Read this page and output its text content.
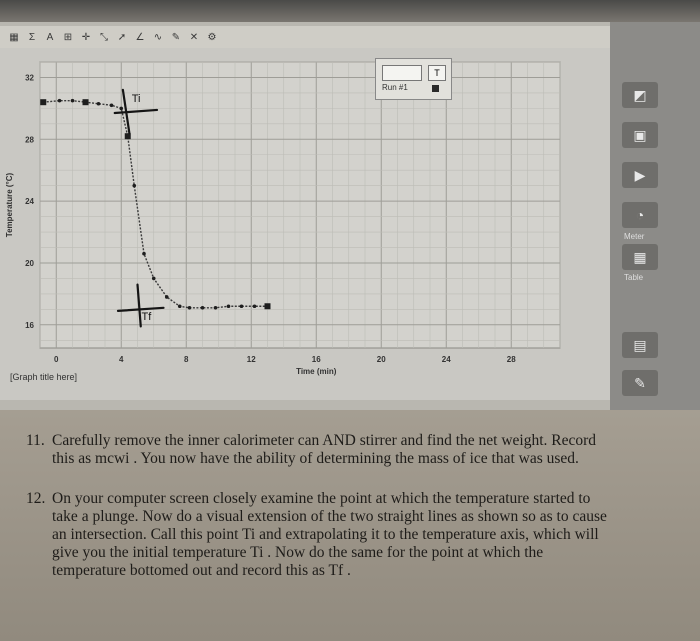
▦ Σ A ⊞ ✛ ⤡ ➚ ∠ ∿ ✎ ✕ ⚙
0	4	8	12	16	20	24	28
16
20
24
28
32
Time (min)
Temperature (°C)
Ti
Tf
T
Run #1
[Graph title here]
◩
▣
▶
◔
Meter
▦
Table
▤
✎
11. Carefully remove the inner calorimeter can AND stirrer and find the net weight. Record
this as mcwi . You now have the ability of determining the mass of ice that was used.
12. On your computer screen closely examine the point at which the temperature started to
take a plunge. Now do a visual extension of the two straight lines as shown so as to cause
an intersection. Call this point Ti and extrapolating it to the temperature axis, which will
give you the initial temperature Ti . Now do the same for the point at which the
temperature bottomed out and record this as Tf .
